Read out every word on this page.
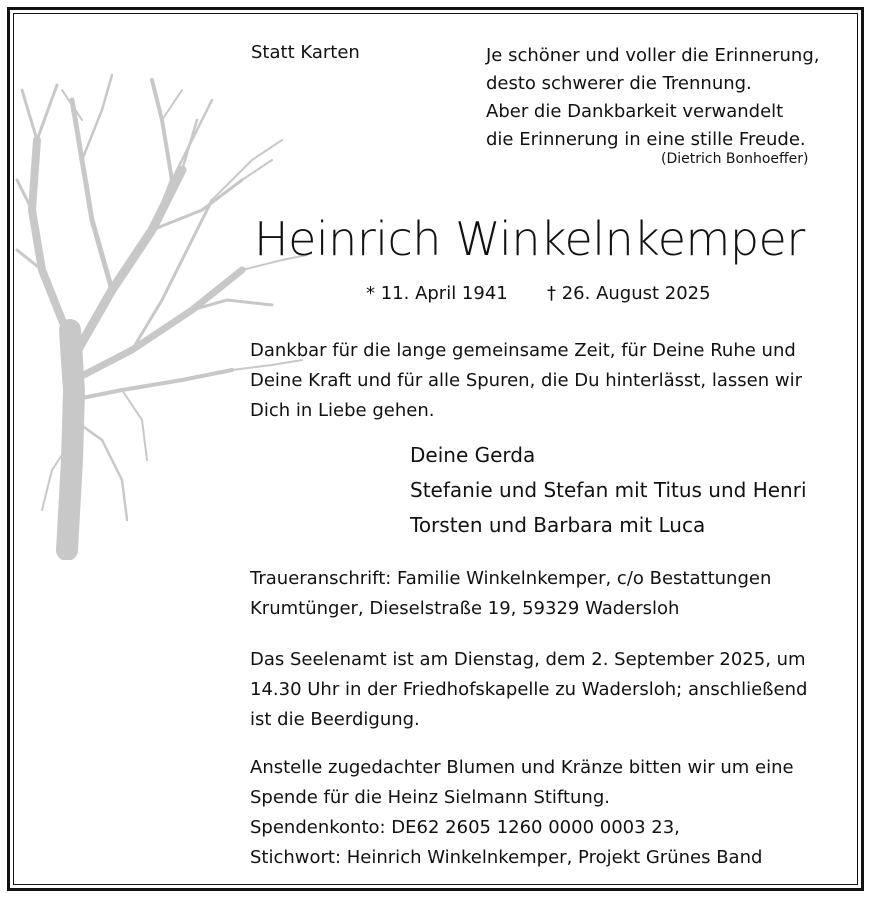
Statt Karten	Je schöner und voller die Erinnerung,
desto schwerer die Trennung.
Aber die Dankbarkeit verwandelt
die Erinnerung in eine stille Freude.
(Dietrich Bonhoeffer)
Heinrich Winkelnkemper
* 11. April 1941 † 26. August 2025
Dankbar für die lange gemeinsame Zeit, für Deine Ruhe und
Deine Kraft und für alle Spuren, die Du hinterlässt, lassen wir
Dich in Liebe gehen.
Deine Gerda
Stefanie und Stefan mit Titus und Henri
Torsten und Barbara mit Luca
Traueranschrift: Familie Winkelnkemper, c/o Bestattungen
Krumtünger, Dieselstraße 19, 59329 Wadersloh
Das Seelenamt ist am Dienstag, dem 2. September 2025, um
14.30 Uhr in der Friedhofskapelle zu Wadersloh; anschließend
ist die Beerdigung.
Anstelle zugedachter Blumen und Kränze bitten wir um eine
Spende für die Heinz Sielmann Stiftung.
Spendenkonto: DE62 2605 1260 0000 0003 23,
Stichwort: Heinrich Winkelnkemper, Projekt Grünes Band
